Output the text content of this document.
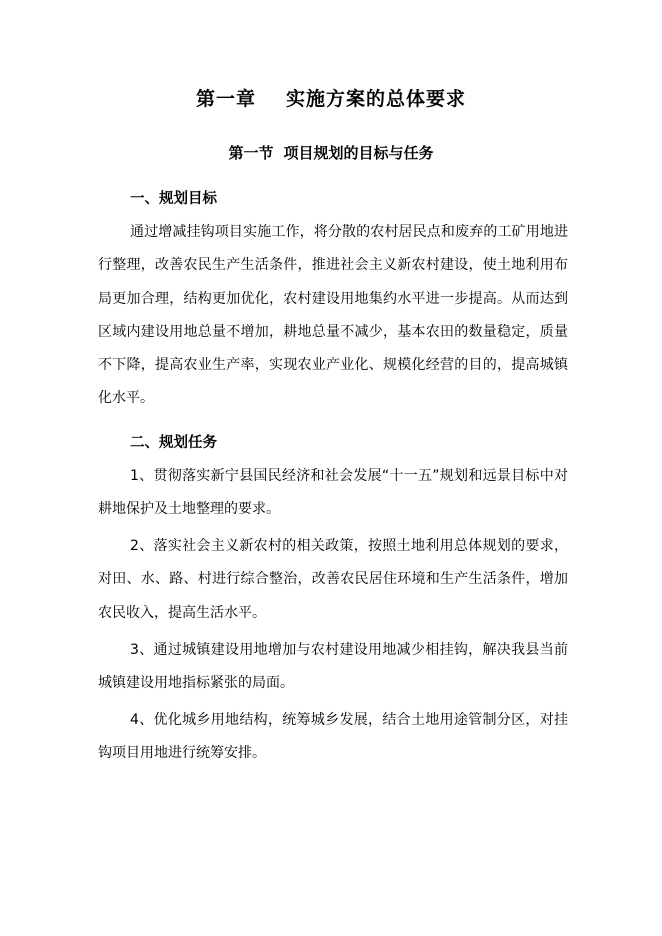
第一章 实施方案的总体要求
第一节 项目规划的目标与任务
一、规划目标

通过增减挂钩项目实施工作，将分散的农村居民点和废弃的工矿用地进行整理，改善农民生产生活条件，推进社会主义新农村建设，使土地利用布局更加合理，结构更加优化，农村建设用地集约水平进一步提高。从而达到区域内建设用地总量不增加，耕地总量不减少，基本农田的数量稳定，质量不下降，提高农业生产率，实现农业产业化、规模化经营的目的，提高城镇化水平。

二、规划任务

1、贯彻落实新宁县国民经济和社会发展“十一五”规划和远景目标中对耕地保护及土地整理的要求。

2、落实社会主义新农村的相关政策，按照土地利用总体规划的要求，对田、水、路、村进行综合整治，改善农民居住环境和生产生活条件，增加农民收入，提高生活水平。

3、通过城镇建设用地增加与农村建设用地减少相挂钩，解决我县当前城镇建设用地指标紧张的局面。

4、优化城乡用地结构，统筹城乡发展，结合土地用途管制分区，对挂钩项目用地进行统筹安排。
